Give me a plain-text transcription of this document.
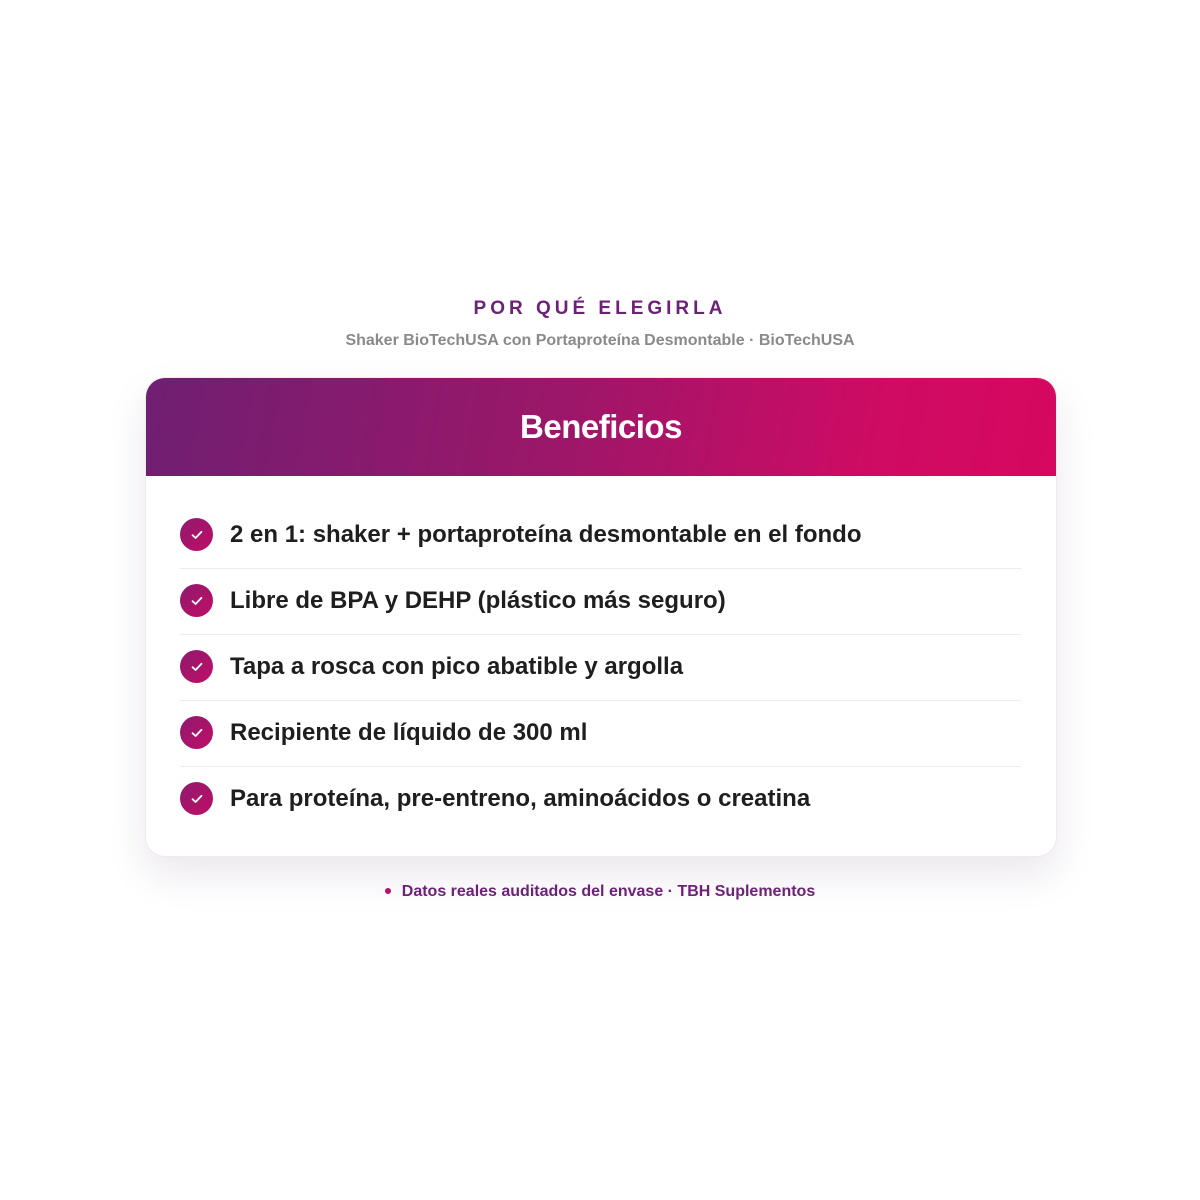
POR QUÉ ELEGIRLA
Shaker BioTechUSA con Portaproteína Desmontable · BioTechUSA
Beneficios
2 en 1: shaker + portaproteína desmontable en el fondo
Libre de BPA y DEHP (plástico más seguro)
Tapa a rosca con pico abatible y argolla
Recipiente de líquido de 300 ml
Para proteína, pre-entreno, aminoácidos o creatina
Datos reales auditados del envase · TBH Suplementos
